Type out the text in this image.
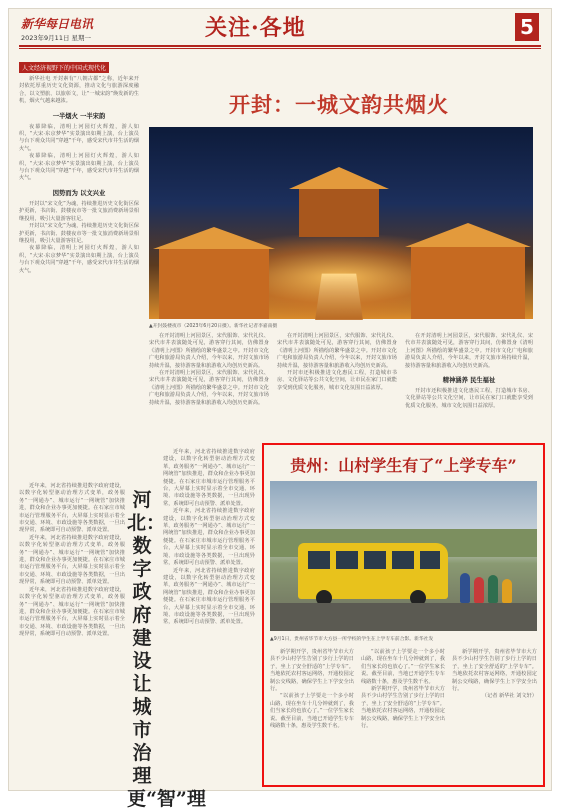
新华每日电讯
2023年9月11日 星期一	关注·各地	5
人文经济视野下的中国式现代化

新华社电 开封素有“八朝古都”之称，近年来开封依托厚重历史文化资源，推动文化与旅游深度融合，以文塑旅、以旅彰文，让“一城宋韵”焕发新的生机，烟火气越来越浓。

一半烟火 一半宋韵

夜幕降临，清明上河园灯火辉煌，游人如织，“大宋·东京梦华”实景演出如期上演，台上演员与台下观众共同“穿越”千年，感受宋代市井生活的烟火气。

夜幕降临，清明上河园灯火辉煌，游人如织，“大宋·东京梦华”实景演出如期上演，台上演员与台下观众共同“穿越”千年，感受宋代市井生活的烟火气。

因势而为 以文兴业

开封以“宋文化”为魂，持续推进历史文化街区保护更新，书店街、鼓楼夜市等一批文旅消费新场景相继投用，吸引大量游客驻足。

开封以“宋文化”为魂，持续推进历史文化街区保护更新，书店街、鼓楼夜市等一批文旅消费新场景相继投用，吸引大量游客驻足。

夜幕降临，清明上河园灯火辉煌，游人如织，“大宋·东京梦华”实景演出如期上演，台上演员与台下观众共同“穿越”千年，感受宋代市井生活的烟火气。

开封：一城文韵共烟火
▲开封鼓楼夜市（2023年6月20日摄）。新华社记者李嘉南摄

在开封清明上河园景区，宋代服饰、宋代礼仪、宋代市井表演随处可见，游客穿行其间，仿佛置身《清明上河图》所描绘的繁华盛景之中。开封市文化广电和旅游局负责人介绍，今年以来，开封文旅市场持续升温，接待游客量和旅游收入均创历史新高。

在开封清明上河园景区，宋代服饰、宋代礼仪、宋代市井表演随处可见，游客穿行其间，仿佛置身《清明上河图》所描绘的繁华盛景之中。开封市文化广电和旅游局负责人介绍，今年以来，开封文旅市场持续升温，接待游客量和旅游收入均创历史新高。

在开封清明上河园景区，宋代服饰、宋代礼仪、宋代市井表演随处可见，游客穿行其间，仿佛置身《清明上河图》所描绘的繁华盛景之中。开封市文化广电和旅游局负责人介绍，今年以来，开封文旅市场持续升温，接待游客量和旅游收入均创历史新高。

开封市还积极推进文化惠民工程，打造城市书房、文化驿站等公共文化空间，让市民在家门口就能享受到优质文化服务，城市文化氛围日益浓厚。

在开封清明上河园景区，宋代服饰、宋代礼仪、宋代市井表演随处可见，游客穿行其间，仿佛置身《清明上河图》所描绘的繁华盛景之中。开封市文化广电和旅游局负责人介绍，今年以来，开封文旅市场持续升温，接待游客量和旅游收入均创历史新高。

精神涵养 民生福祉

开封市还积极推进文化惠民工程，打造城市书房、文化驿站等公共文化空间，让市民在家门口就能享受到优质文化服务，城市文化氛围日益浓厚。

近年来，河北省持续推进数字政府建设，以数字化转型驱动治理方式变革，政务服务“一网通办”、城市运行“一网统管”加快推进，群众和企业办事更加便捷。在石家庄市城市运行管理服务平台，大屏幕上实时显示着全市交通、环境、市政设施等各类数据，一旦出现异常，系统即可自动预警、派单处置。

近年来，河北省持续推进数字政府建设，以数字化转型驱动治理方式变革，政务服务“一网通办”、城市运行“一网统管”加快推进，群众和企业办事更加便捷。在石家庄市城市运行管理服务平台，大屏幕上实时显示着全市交通、环境、市政设施等各类数据，一旦出现异常，系统即可自动预警、派单处置。

近年来，河北省持续推进数字政府建设，以数字化转型驱动治理方式变革，政务服务“一网通办”、城市运行“一网统管”加快推进，群众和企业办事更加便捷。在石家庄市城市运行管理服务平台，大屏幕上实时显示着全市交通、环境、市政设施等各类数据，一旦出现异常，系统即可自动预警、派单处置。

河北：数字政府建设让城市治理更“智”理

近年来，河北省持续推进数字政府建设，以数字化转型驱动治理方式变革，政务服务“一网通办”、城市运行“一网统管”加快推进，群众和企业办事更加便捷。在石家庄市城市运行管理服务平台，大屏幕上实时显示着全市交通、环境、市政设施等各类数据，一旦出现异常，系统即可自动预警、派单处置。

近年来，河北省持续推进数字政府建设，以数字化转型驱动治理方式变革，政务服务“一网通办”、城市运行“一网统管”加快推进，群众和企业办事更加便捷。在石家庄市城市运行管理服务平台，大屏幕上实时显示着全市交通、环境、市政设施等各类数据，一旦出现异常，系统即可自动预警、派单处置。

近年来，河北省持续推进数字政府建设，以数字化转型驱动治理方式变革，政务服务“一网通办”、城市运行“一网统管”加快推进，群众和企业办事更加便捷。在石家庄市城市运行管理服务平台，大屏幕上实时显示着全市交通、环境、市政设施等各类数据，一旦出现异常，系统即可自动预警、派单处置。

贵州：山村学生有了“上学专车”
▲9月1日，贵州省毕节市大方县一所学校的学生在上学专车前合影。新华社发

新学期开学，贵州省毕节市大方县不少山村学生告别了步行上学的日子，坐上了安全舒适的“上学专车”。当地依托农村客运网络，开通校园定制公交线路，确保学生上下学安全出行。

“以前孩子上学要走一个多小时山路，现在坐车十几分钟就到了，我们当家长的也放心了。”一位学生家长说。截至目前，当地已开通学生专车线路数十条，惠及学生数千名。

“以前孩子上学要走一个多小时山路，现在坐车十几分钟就到了，我们当家长的也放心了。”一位学生家长说。截至目前，当地已开通学生专车线路数十条，惠及学生数千名。

新学期开学，贵州省毕节市大方县不少山村学生告别了步行上学的日子，坐上了安全舒适的“上学专车”。当地依托农村客运网络，开通校园定制公交线路，确保学生上下学安全出行。

新学期开学，贵州省毕节市大方县不少山村学生告别了步行上学的日子，坐上了安全舒适的“上学专车”。当地依托农村客运网络，开通校园定制公交线路，确保学生上下学安全出行。

（记者 新华社 刘文轩）
